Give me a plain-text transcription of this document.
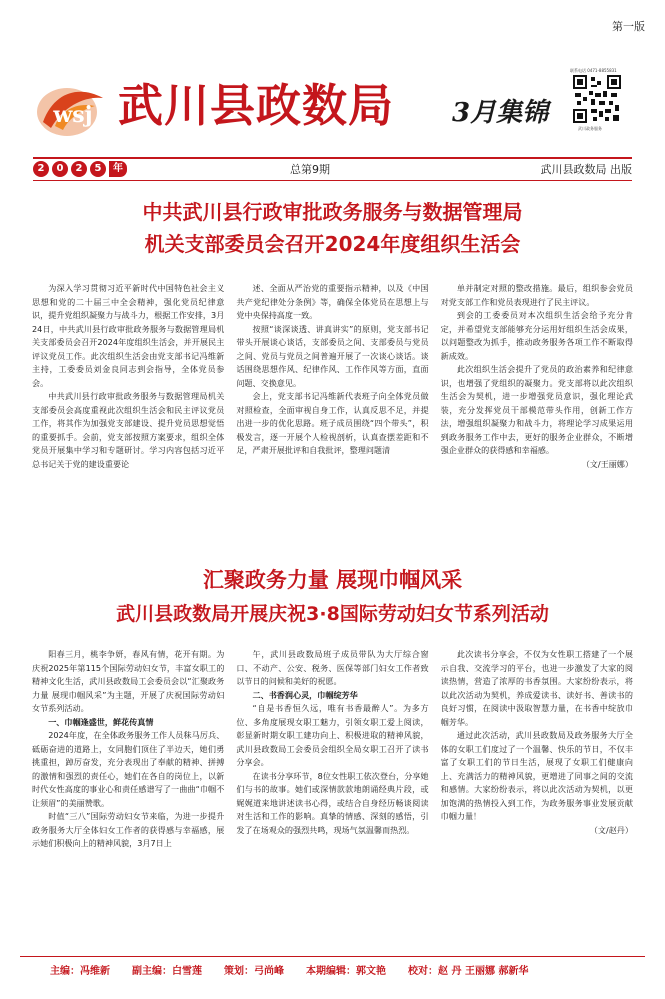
第一版
wsj 武川县政数局 3月集锦
联系电话 0471-8855831
武川政务服务
2	0	2	5	年	总第9期	武川县政数局 出版
中共武川县行政审批政务服务与数据管理局
机关支部委员会召开2024年度组织生活会

为深入学习贯彻习近平新时代中国特色社会主义思想和党的二十届三中全会精神，强化党员纪律意识，提升党组织凝聚力与战斗力，根据工作安排，3月24日，中共武川县行政审批政务服务与数据管理局机关支部委员会召开2024年度组织生活会，并开展民主评议党员工作。此次组织生活会由党支部书记冯维新主持，工委委员刘金良同志到会指导，全体党员参会。

中共武川县行政审批政务服务与数据管理局机关支部委员会高度重视此次组织生活会和民主评议党员工作，将其作为加强党支部建设、提升党员思想觉悟的重要抓手。会前，党支部按照方案要求，组织全体党员开展集中学习和专题研讨。学习内容包括习近平总书记关于党的建设重要论

述、全面从严治党的重要指示精神，以及《中国共产党纪律处分条例》等，确保全体党员在思想上与党中央保持高度一致。

按照“谈深谈透、讲真讲实”的原则，党支部书记带头开展谈心谈话，支部委员之间、支部委员与党员之间、党员与党员之间普遍开展了一次谈心谈话。谈话围绕思想作风、纪律作风、工作作风等方面，直面问题、交换意见。

会上，党支部书记冯维新代表班子向全体党员做对照检查，全面审视自身工作，认真反思不足，并提出进一步的优化思路。班子成员围绕“四个带头”，积极发言，逐一开展个人检视剖析，认真查摆差距和不足，严肃开展批评和自我批评，整理问题清

单并制定对照的整改措施。最后，组织参会党员对党支部工作和党员表现进行了民主评议。

到会的工委委员对本次组织生活会给予充分肯定，并希望党支部能够充分运用好组织生活会成果，以问题整改为抓手，推动政务服务各项工作不断取得新成效。

此次组织生活会提升了党员的政治素养和纪律意识，也增强了党组织的凝聚力。党支部将以此次组织生活会为契机，进一步增强党员意识，强化理论武装，充分发挥党员干部模范带头作用，创新工作方法，增强组织凝聚力和战斗力，将理论学习成果运用到政务服务工作中去，更好的服务企业群众，不断增强企业群众的获得感和幸福感。

（文/王丽娜）

汇聚政务力量 展现巾帼风采
武川县政数局开展庆祝3·8国际劳动妇女节系列活动

阳春三月，桃李争妍，春风有情，花开有期。为庆祝2025年第115个国际劳动妇女节，丰富女职工的精神文化生活，武川县政数局工会委员会以“汇聚政务力量 展现巾帼风采”为主题，开展了庆祝国际劳动妇女节系列活动。

一、巾帼逢盛世，鲜花传真情

2024年度，在全体政务服务工作人员秣马厉兵、砥砺奋进的道路上，女同胞们顶住了半边天，她们勇挑重担，踔厉奋发，充分表现出了奉献的精神、拼搏的激情和强烈的责任心，她们在各自的岗位上，以新时代女性高度的事业心和责任感谱写了一曲曲“巾帼不让须眉”的美丽赞歌。

时值“三八”国际劳动妇女节来临，为进一步提升政务服务大厅全体妇女工作者的获得感与幸福感，展示她们积极向上的精神风貌，3月7日上

午，武川县政数局班子成员带队为大厅综合窗口、不动产、公安、税务、医保等部门妇女工作者致以节日的问候和美好的祝愿。

二、书香润心灵，巾帼绽芳华

“自是书香恒久远，唯有书香最醉人”。为多方位、多角度展现女职工魅力，引领女职工爱上阅读，彰显新时期女职工建功向上、积极进取的精神风貌，武川县政数局工会委员会组织全局女职工召开了读书分享会。

在读书分享环节，8位女性职工依次登台，分享她们与书的故事。她们或深情款款地朗诵经典片段，或娓娓道来地讲述读书心得，或结合自身经历畅谈阅读对生活和工作的影响。真挚的情感、深刻的感悟，引发了在场观众的强烈共鸣，现场气氛温馨而热烈。

此次读书分享会，不仅为女性职工搭建了一个展示自我、交流学习的平台，也进一步激发了大家的阅读热情，营造了浓厚的书香氛围。大家纷纷表示，将以此次活动为契机，养成爱读书、读好书、善读书的良好习惯，在阅读中汲取智慧力量，在书香中绽放巾帼芳华。

通过此次活动，武川县政数局及政务服务大厅全体的女职工们度过了一个温馨、快乐的节日，不仅丰富了女职工们的节日生活，展现了女职工们健康向上、充满活力的精神风貌，更增进了同事之间的交流和感情。大家纷纷表示，将以此次活动为契机，以更加饱满的热情投入到工作，为政务服务事业发展贡献巾帼力量！

（文/赵丹）

主编：冯维新 副主编：白雪莲 策划：弓尚峰 本期编辑：郭文艳 校对：赵 丹 王丽娜 郝新华
